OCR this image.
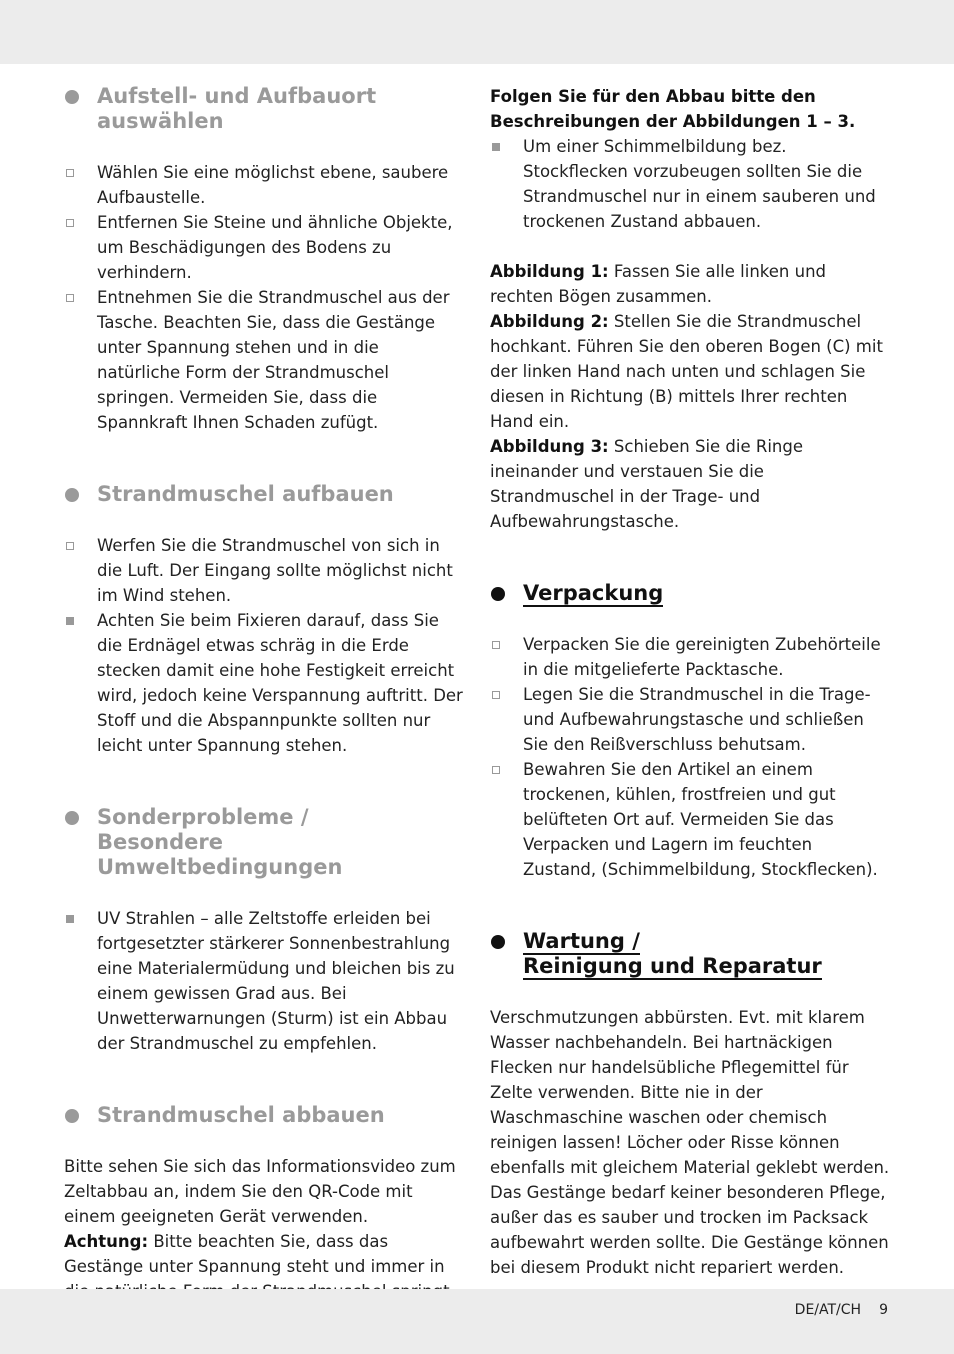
Aufstell- und Aufbauort auswählen
Wählen Sie eine möglichst ebene, saubere Aufbaustelle.
Entfernen Sie Steine und ähnliche Objekte, um Beschädigungen des Bodens zu verhindern.
Entnehmen Sie die Strandmuschel aus der Tasche. Beachten Sie, dass die Gestänge unter Spannung stehen und in die natürliche Form der Strandmuschel springen. Vermeiden Sie, dass die Spannkraft Ihnen Schaden zufügt.
Strandmuschel aufbauen
Werfen Sie die Strandmuschel von sich in die Luft. Der Eingang sollte möglichst nicht im Wind stehen.
Achten Sie beim Fixieren darauf, dass Sie die Erdnägel etwas schräg in die Erde stecken damit eine hohe Festigkeit erreicht wird, jedoch keine Verspannung auftritt. Der Stoff und die Abspannpunkte sollten nur leicht unter Spannung stehen.
Sonderprobleme /
Besondere Umweltbedingungen
UV Strahlen – alle Zeltstoffe erleiden bei fortgesetzter stärkerer Sonnenbestrahlung eine Materialermüdung und bleichen bis zu einem gewissen Grad aus. Bei Unwetterwarnungen (Sturm) ist ein Abbau der Strandmuschel zu empfehlen.
Strandmuschel abbauen

Bitte sehen Sie sich das Informationsvideo zum Zeltabbau an, indem Sie den QR-Code mit einem geeigneten Gerät verwenden.

Achtung: Bitte beachten Sie, dass das Gestänge unter Spannung steht und immer in

Folgen Sie für den Abbau bitte den Beschreibungen der Abbildungen 1 – 3.
Um einer Schimmelbildung bez. Stockflecken vorzubeugen sollten Sie die Strandmuschel nur in einem sauberen und trockenen Zustand abbauen.

Abbildung 1: Fassen Sie alle linken und rechten Bögen zusammen.

Abbildung 2: Stellen Sie die Strandmuschel hochkant. Führen Sie den oberen Bogen (C) mit der linken Hand nach unten und schlagen Sie diesen in Richtung (B) mittels Ihrer rechten Hand ein.

Abbildung 3: Schieben Sie die Ringe ineinander und verstauen Sie die Strandmuschel in der Trage- und Aufbewahrungstasche.

Verpackung
Verpacken Sie die gereinigten Zubehörteile in die mitgelieferte Packtasche.
Legen Sie die Strandmuschel in die Trage- und Aufbewahrungstasche und schließen Sie den Reißverschluss behutsam.
Bewahren Sie den Artikel an einem trockenen, kühlen, frostfreien und gut belüfteten Ort auf. Vermeiden Sie das Verpacken und Lagern im feuchten Zustand, (Schimmelbildung, Stockflecken).
Wartung /
Reinigung und Reparatur

Verschmutzungen abbürsten. Evt. mit klarem Wasser nachbehandeln. Bei hartnäckigen Flecken nur handelsübliche Pflegemittel für Zelte verwenden. Bitte nie in der Waschmaschine waschen oder chemisch reinigen lassen! Löcher oder Risse können ebenfalls mit gleichem Material geklebt werden. Das Gestänge bedarf keiner besonderen Pflege, außer das es sauber und trocken im Packsack aufbewahrt werden sollte. Die Gestänge können bei diesem Produkt nicht repariert werden.

DE/AT/CH 9
